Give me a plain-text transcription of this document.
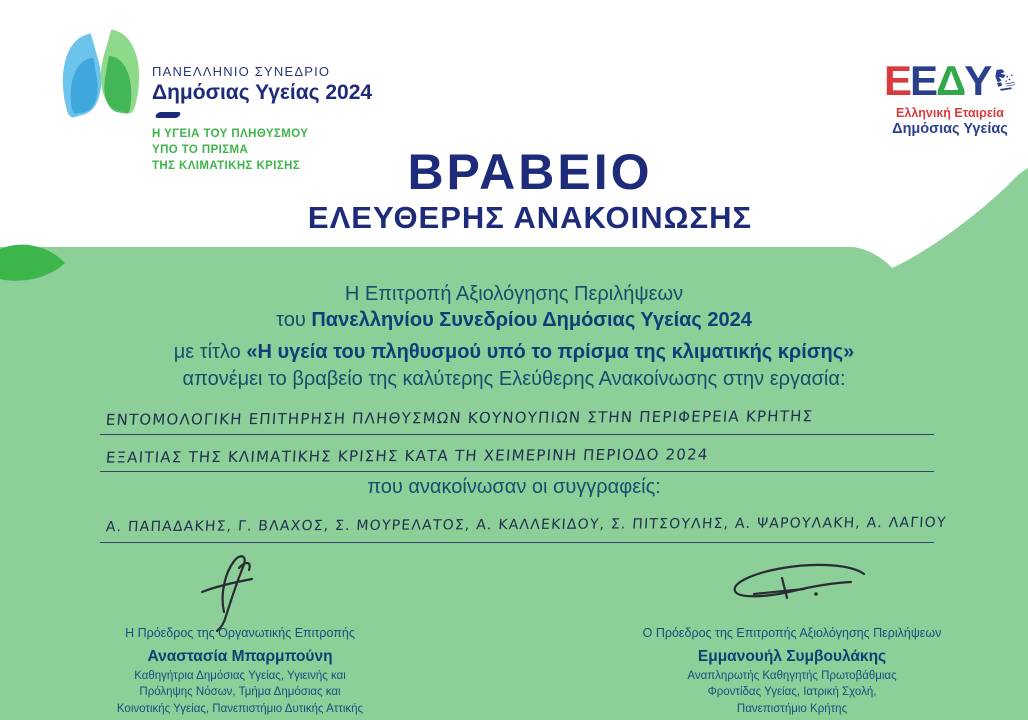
ΠΑΝΕΛΛΗΝΙΟ ΣΥΝΕΔΡΙΟ
Δημόσιας Υγείας 2024
Η ΥΓΕΙΑ ΤΟΥ ΠΛΗΘΥΣΜΟΥ
ΥΠΟ ΤΟ ΠΡΙΣΜΑ
ΤΗΣ ΚΛΙΜΑΤΙΚΗΣ ΚΡΙΣΗΣ
Ε Ε Δ Υ
Ελληνική Εταιρεία
Δημόσιας Υγείας
ΒΡΑΒΕΙΟ
ΕΛΕΥΘΕΡΗΣ ΑΝΑΚΟΙΝΩΣΗΣ
Η Επιτροπή Αξιολόγησης Περιλήψεων
του Πανελληνίου Συνεδρίου Δημόσιας Υγείας 2024
με τίτλο «Η υγεία του πληθυσμού υπό το πρίσμα της κλιματικής κρίσης»
απονέμει το βραβείο της καλύτερης Ελεύθερης Ανακοίνωσης στην εργασία:
ΕΝΤΟΜΟΛΟΓΙΚΗ ΕΠΙΤΗΡΗΣΗ ΠΛΗΘΥΣΜΩΝ ΚΟΥΝΟΥΠΙΩΝ ΣΤΗΝ ΠΕΡΙΦΕΡΕΙΑ ΚΡΗΤΗΣ
ΕΞΑΙΤΙΑΣ ΤΗΣ ΚΛΙΜΑΤΙΚΗΣ ΚΡΙΣΗΣ ΚΑΤΑ ΤΗ ΧΕΙΜΕΡΙΝΗ ΠΕΡΙΟΔΟ 2024
που ανακοίνωσαν οι συγγραφείς:
Α. ΠΑΠΑΔΑΚΗΣ, Γ. ΒΛΑΧΟΣ, Σ. ΜΟΥΡΕΛΑΤΟΣ, Α. ΚΑΛΛΕΚΙΔΟΥ, Σ. ΠΙΤΣΟΥΛΗΣ, Α. ΨΑΡΟΥΛΑΚΗ, Α. ΛΑΓΙΟΥ
Η Πρόεδρος της Οργανωτικής Επιτροπής
Αναστασία Μπαρμπούνη
Καθηγήτρια Δημόσιας Υγείας, Υγιεινής και
Πρόληψης Νόσων, Τμήμα Δημόσιας και
Κοινοτικής Υγείας, Πανεπιστήμιο Δυτικής Αττικής
Ο Πρόεδρος της Επιτροπής Αξιολόγησης Περιλήψεων
Εμμανουήλ Συμβουλάκης
Αναπληρωτής Καθηγητής Πρωτοβάθμιας
Φροντίδας Υγείας, Ιατρική Σχολή,
Πανεπιστήμιο Κρήτης
